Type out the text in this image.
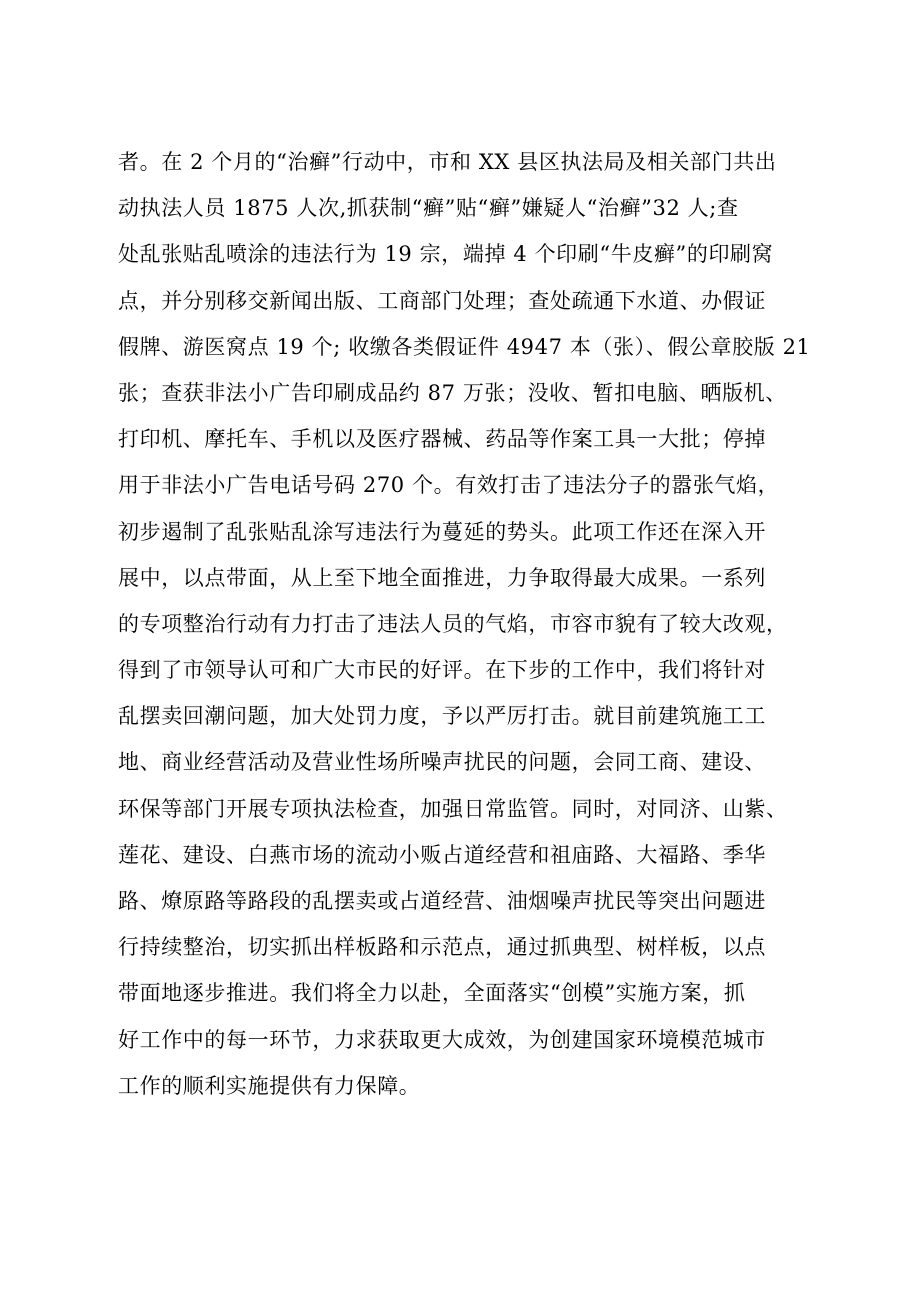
者。在 2 个月的“治癣”行动中，市和 XX 县区执法局及相关部门共出
动执法人员 1875 人次,抓获制“癣”贴“癣”嫌疑人“治癣”32 人;查
处乱张贴乱喷涂的违法行为 19 宗，端掉 4 个印刷“牛皮癣”的印刷窝
点，并分别移交新闻出版、工商部门处理；查处疏通下水道、办假证
假牌、游医窝点 19 个; 收缴各类假证件 4947 本（张）、假公章胶版 21
张；查获非法小广告印刷成品约 87 万张；没收、暂扣电脑、晒版机、
打印机、摩托车、手机以及医疗器械、药品等作案工具一大批；停掉
用于非法小广告电话号码 270 个。有效打击了违法分子的嚣张气焰，
初步遏制了乱张贴乱涂写违法行为蔓延的势头。此项工作还在深入开
展中，以点带面，从上至下地全面推进，力争取得最大成果。一系列
的专项整治行动有力打击了违法人员的气焰，市容市貌有了较大改观，
得到了市领导认可和广大市民的好评。在下步的工作中，我们将针对
乱摆卖回潮问题，加大处罚力度，予以严厉打击。就目前建筑施工工
地、商业经营活动及营业性场所噪声扰民的问题，会同工商、建设、
环保等部门开展专项执法检查，加强日常监管。同时，对同济、山紫、
莲花、建设、白燕市场的流动小贩占道经营和祖庙路、大福路、季华
路、燎原路等路段的乱摆卖或占道经营、油烟噪声扰民等突出问题进
行持续整治，切实抓出样板路和示范点，通过抓典型、树样板，以点
带面地逐步推进。我们将全力以赴，全面落实“创模”实施方案，抓
好工作中的每一环节，力求获取更大成效，为创建国家环境模范城市
工作的顺利实施提供有力保障。
